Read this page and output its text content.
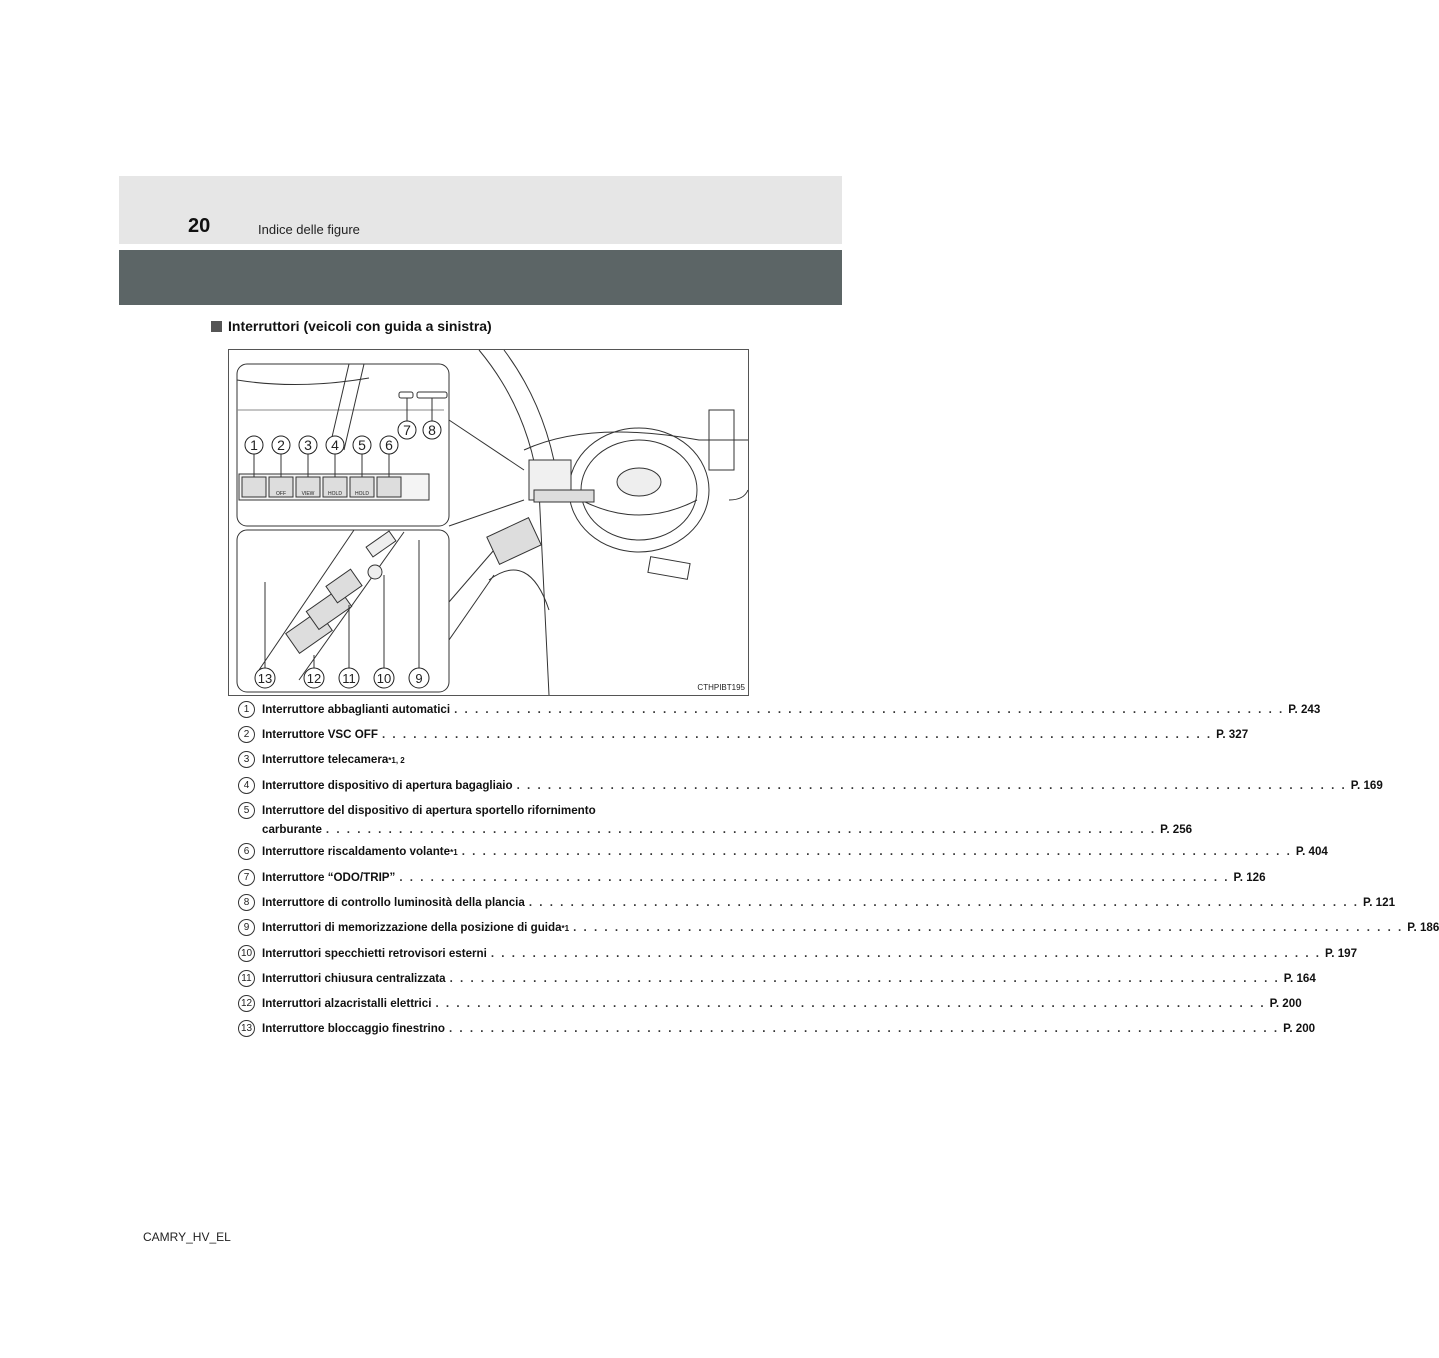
20	Indice delle figure
Interruttori (veicoli con guida a sinistra)
1 2 3 4 5 6
7 8
13	12 11 10 9
OFF	VIEW	HOLD	HOLD
CTHPIBT195
1	Interruttore abbaglianti automatici . . . . . . . . . . . . . . . . . . . . . . . . . . . . . . . . . . . . . . . . . . . . . . . . . . . . . . . . . . . . . . . . . . . . . . . . . . . . . . . . P. 243
2	Interruttore VSC OFF . . . . . . . . . . . . . . . . . . . . . . . . . . . . . . . . . . . . . . . . . . . . . . . . . . . . . . . . . . . . . . . . . . . . . . . . . . . . . . . . P. 327
3	Interruttore telecamera *1, 2
4	Interruttore dispositivo di apertura bagagliaio . . . . . . . . . . . . . . . . . . . . . . . . . . . . . . . . . . . . . . . . . . . . . . . . . . . . . . . . . . . . . . . . . . . . . . . . . . . . . . . . P. 169
5	Interruttore del dispositivo di apertura sportello rifornimento
carburante . . . . . . . . . . . . . . . . . . . . . . . . . . . . . . . . . . . . . . . . . . . . . . . . . . . . . . . . . . . . . . . . . . . . . . . . . . . . . . . . P. 256
6	Interruttore riscaldamento volante *1 . . . . . . . . . . . . . . . . . . . . . . . . . . . . . . . . . . . . . . . . . . . . . . . . . . . . . . . . . . . . . . . . . . . . . . . . . . . . . . . . P. 404
7	Interruttore “ODO/TRIP” . . . . . . . . . . . . . . . . . . . . . . . . . . . . . . . . . . . . . . . . . . . . . . . . . . . . . . . . . . . . . . . . . . . . . . . . . . . . . . . . P. 126
8	Interruttore di controllo luminosità della plancia . . . . . . . . . . . . . . . . . . . . . . . . . . . . . . . . . . . . . . . . . . . . . . . . . . . . . . . . . . . . . . . . . . . . . . . . . . . . . . . . P. 121
9	Interruttori di memorizzazione della posizione di guida *1 . . . . . . . . . . . . . . . . . . . . . . . . . . . . . . . . . . . . . . . . . . . . . . . . . . . . . . . . . . . . . . . . . . . . . . . . . . . . . . . . P. 186
10 Interruttori specchietti retrovisori esterni . . . . . . . . . . . . . . . . . . . . . . . . . . . . . . . . . . . . . . . . . . . . . . . . . . . . . . . . . . . . . . . . . . . . . . . . . . . . . . . . P. 197
11 Interruttori chiusura centralizzata . . . . . . . . . . . . . . . . . . . . . . . . . . . . . . . . . . . . . . . . . . . . . . . . . . . . . . . . . . . . . . . . . . . . . . . . . . . . . . . . P. 164
12 Interruttori alzacristalli elettrici . . . . . . . . . . . . . . . . . . . . . . . . . . . . . . . . . . . . . . . . . . . . . . . . . . . . . . . . . . . . . . . . . . . . . . . . . . . . . . . . P. 200
13 Interruttore bloccaggio finestrino . . . . . . . . . . . . . . . . . . . . . . . . . . . . . . . . . . . . . . . . . . . . . . . . . . . . . . . . . . . . . . . . . . . . . . . . . . . . . . . . P. 200
CAMRY_HV_EL
